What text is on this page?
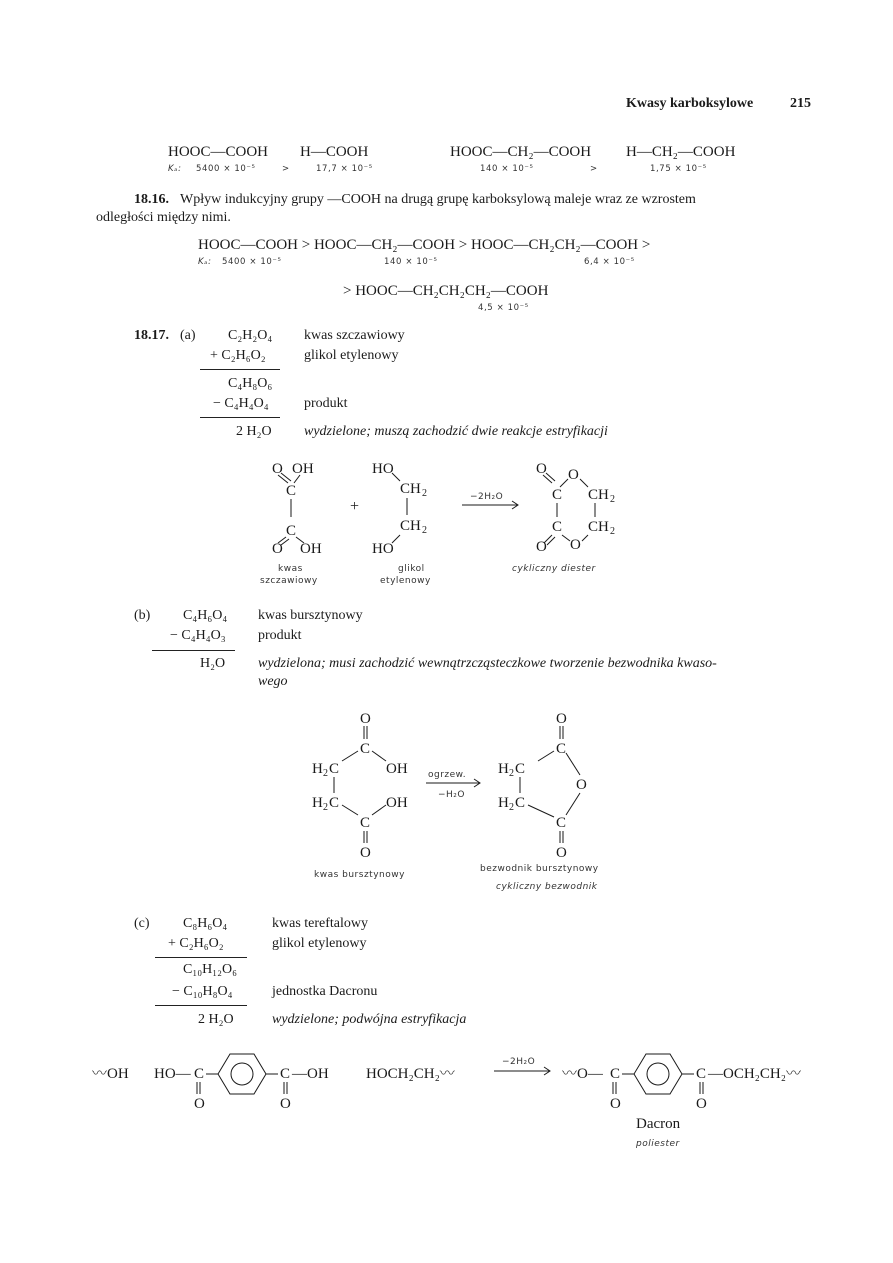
Kwasy karboksylowe	215
HOOC—COOH H—COOH	HOOC—CH₂—COOH H—CH₂—COOH
Kₐ: 5400 × 10⁻⁵	>	17,7 × 10⁻⁵	140 × 10⁻⁵	>	1,75 × 10⁻⁵
18.16. Wpływ indukcyjny grupy —COOH na drugą grupę karboksylową maleje wraz ze wzrostem
odległości między nimi.
HOOC—COOH > HOOC—CH₂—COOH > HOOC—CH₂CH₂—COOH >
Kₐ: 5400 × 10⁻⁵	140 × 10⁻⁵	6,4 × 10⁻⁵
> HOOC—CH₂CH₂CH₂—COOH
4,5 × 10⁻⁵
18.17. (a) C₂H₂O₄ kwas szczawiowy
+ C₂H₆O₂	glikol etylenowy
C₄H₈O₆
− C₄H₄O₄	produkt
2 H₂O wydzielone; muszą zachodzić dwie reakcje estryfikacji
O OH
C
C
O OH
kwas
szczawiowy
+
HO
CH 2
CH 2
HO
glikol
etylenowy
−2H₂O
O O
C CH 2
C CH 2
O O
cykliczny diester
(b) C₄H₆O₄ kwas bursztynowy
− C₄H₄O₃ produkt
H₂O wydzielona; musi zachodzić wewnątrzcząsteczkowe tworzenie bezwodnika kwaso-
wego
O
C
H 2 C	OH
H 2 C	OH
C
O
kwas bursztynowy
ogrzew.
−H₂O
O
C
H 2 C
O
H 2 C
C
O
bezwodnik bursztynowy
cykliczny bezwodnik
(c) C₈H₆O₄	kwas tereftalowy
+ C₂H₆O₂	glikol etylenowy
C₁₀H₁₂O₆
− C₁₀H₈O₄	jednostka Dacronu
2 H₂O	wydzielone; podwójna estryfikacja
〰OH HO— C
O
C
O
—OH HOCH₂CH₂〰
−2H₂O
〰O— C
O
C
O
—OCH₂CH₂〰
Dacron
poliester
